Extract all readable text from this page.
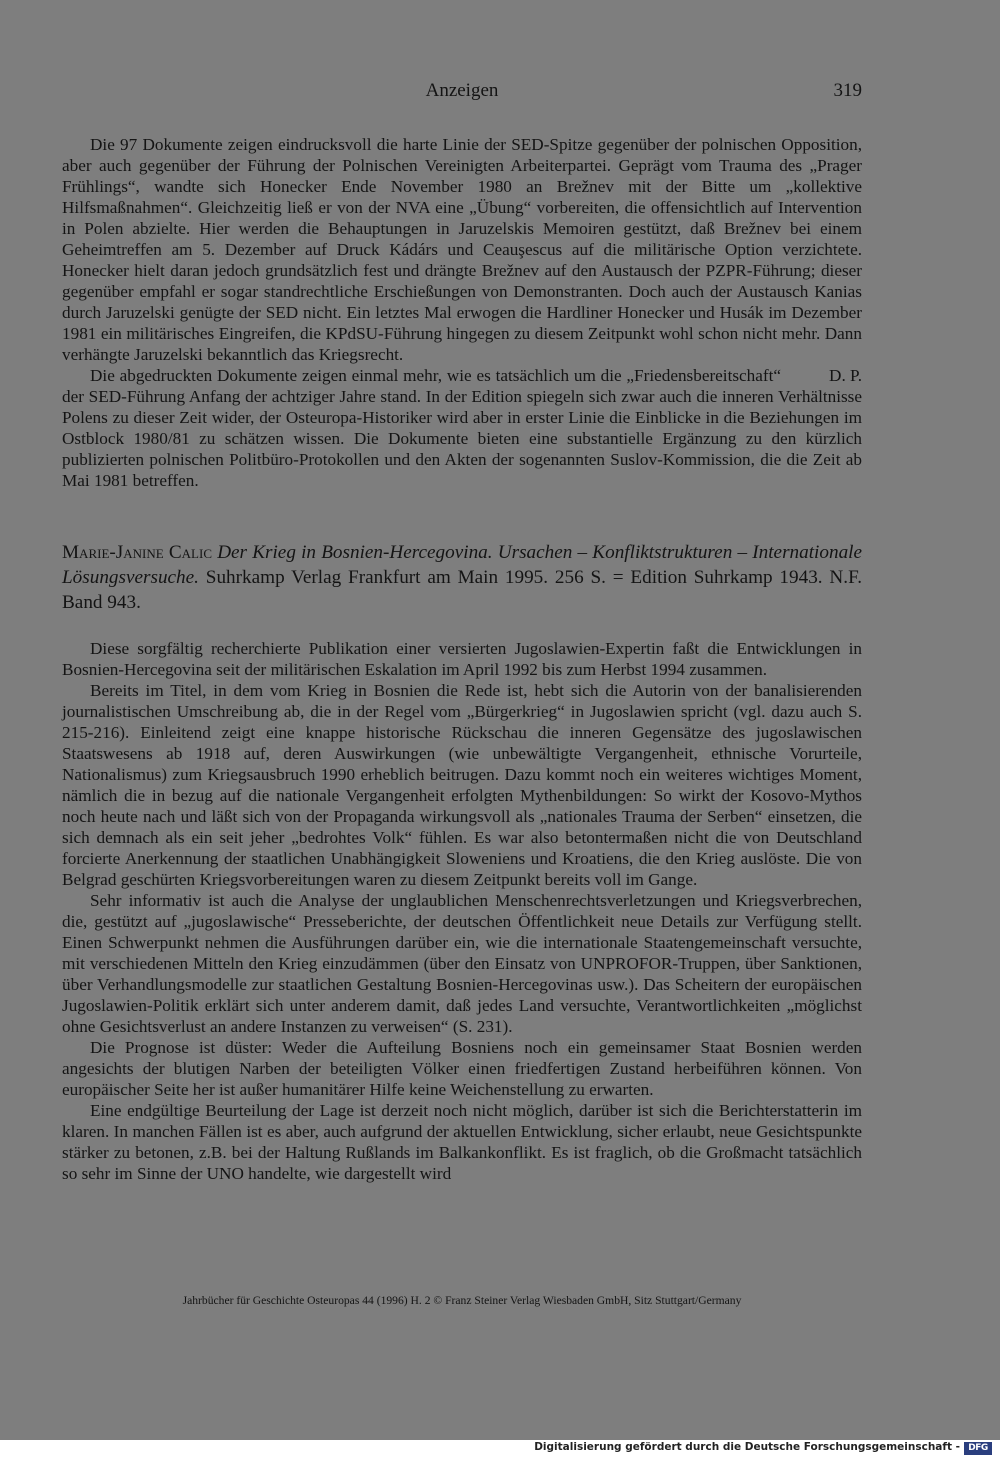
Anzeigen	319

Die 97 Dokumente zeigen eindrucksvoll die harte Linie der SED-Spitze gegenüber der polnischen Opposition, aber auch gegenüber der Führung der Polnischen Vereinigten Arbeiterpartei. Geprägt vom Trauma des „Prager Frühlings“, wandte sich Honecker Ende November 1980 an Brežnev mit der Bitte um „kollektive Hilfsmaßnahmen“. Gleichzeitig ließ er von der NVA eine „Übung“ vorbereiten, die offensichtlich auf Intervention in Polen abzielte. Hier werden die Behauptungen in Jaruzelskis Memoiren gestützt, daß Brežnev bei einem Geheimtreffen am 5. Dezember auf Druck Kádárs und Ceauşescus auf die militärische Option verzichtete. Honecker hielt daran jedoch grundsätzlich fest und drängte Brežnev auf den Austausch der PZPR-Führung; dieser gegenüber empfahl er sogar standrechtliche Erschießungen von Demonstranten. Doch auch der Austausch Kanias durch Jaruzelski genügte der SED nicht. Ein letztes Mal erwogen die Hardliner Honecker und Husák im Dezember 1981 ein militärisches Eingreifen, die KPdSU-Führung hingegen zu diesem Zeitpunkt wohl schon nicht mehr. Dann verhängte Jaruzelski bekanntlich das Kriegsrecht.

D. P.
Die abgedruckten Dokumente zeigen einmal mehr, wie es tatsächlich um die „Friedensbereitschaft“ der SED-Führung Anfang der achtziger Jahre stand. In der Edition spiegeln sich zwar auch die inneren Verhältnisse Polens zu dieser Zeit wider, der Osteuropa-Historiker wird aber in erster Linie die Einblicke in die Beziehungen im Ostblock 1980/81 zu schätzen wissen. Die Dokumente bieten eine substantielle Ergänzung zu den kürzlich publizierten polnischen Politbüro-Protokollen und den Akten der sogenannten Suslov-Kommission, die die Zeit ab Mai 1981 betreffen.

Marie-Janine Calic Der Krieg in Bosnien-Hercegovina. Ursachen – Konfliktstrukturen – Internationale Lösungsversuche. Suhrkamp Verlag Frankfurt am Main 1995. 256 S. = Edition Suhrkamp 1943. N.F. Band 943.

Diese sorgfältig recherchierte Publikation einer versierten Jugoslawien-Expertin faßt die Entwicklungen in Bosnien-Hercegovina seit der militärischen Eskalation im April 1992 bis zum Herbst 1994 zusammen.

Bereits im Titel, in dem vom Krieg in Bosnien die Rede ist, hebt sich die Autorin von der banalisierenden journalistischen Umschreibung ab, die in der Regel vom „Bürgerkrieg“ in Jugoslawien spricht (vgl. dazu auch S. 215-216). Einleitend zeigt eine knappe historische Rückschau die inneren Gegensätze des jugoslawischen Staatswesens ab 1918 auf, deren Auswirkungen (wie unbewältigte Vergangenheit, ethnische Vorurteile, Nationalismus) zum Kriegsausbruch 1990 erheblich beitrugen. Dazu kommt noch ein weiteres wichtiges Moment, nämlich die in bezug auf die nationale Vergangenheit erfolgten Mythenbildungen: So wirkt der Kosovo-Mythos noch heute nach und läßt sich von der Propaganda wirkungsvoll als „nationales Trauma der Serben“ einsetzen, die sich demnach als ein seit jeher „bedrohtes Volk“ fühlen. Es war also betontermaßen nicht die von Deutschland forcierte Anerkennung der staatlichen Unabhängigkeit Sloweniens und Kroatiens, die den Krieg auslöste. Die von Belgrad geschürten Kriegsvorbereitungen waren zu diesem Zeitpunkt bereits voll im Gange.

Sehr informativ ist auch die Analyse der unglaublichen Menschenrechtsverletzungen und Kriegsverbrechen, die, gestützt auf „jugoslawische“ Presseberichte, der deutschen Öffentlichkeit neue Details zur Verfügung stellt. Einen Schwerpunkt nehmen die Ausführungen darüber ein, wie die internationale Staatengemeinschaft versuchte, mit verschiedenen Mitteln den Krieg einzudämmen (über den Einsatz von UNPROFOR-Truppen, über Sanktionen, über Verhandlungsmodelle zur staatlichen Gestaltung Bosnien-Hercegovinas usw.). Das Scheitern der europäischen Jugoslawien-Politik erklärt sich unter anderem damit, daß jedes Land versuchte, Verantwortlichkeiten „möglichst ohne Gesichtsverlust an andere Instanzen zu verweisen“ (S. 231).

Die Prognose ist düster: Weder die Aufteilung Bosniens noch ein gemeinsamer Staat Bosnien werden angesichts der blutigen Narben der beteiligten Völker einen friedfertigen Zustand herbeiführen können. Von europäischer Seite her ist außer humanitärer Hilfe keine Weichenstellung zu erwarten.

Eine endgültige Beurteilung der Lage ist derzeit noch nicht möglich, darüber ist sich die Berichterstatterin im klaren. In manchen Fällen ist es aber, auch aufgrund der aktuellen Entwicklung, sicher erlaubt, neue Gesichtspunkte stärker zu betonen, z.B. bei der Haltung Rußlands im Balkankonflikt. Es ist fraglich, ob die Großmacht tatsächlich so sehr im Sinne der UNO handelte, wie dargestellt wird

Jahrbücher für Geschichte Osteuropas 44 (1996) H. 2 © Franz Steiner Verlag Wiesbaden GmbH, Sitz Stuttgart/Germany
Digitalisierung gefördert durch die Deutsche Forschungsgemeinschaft - DFG
